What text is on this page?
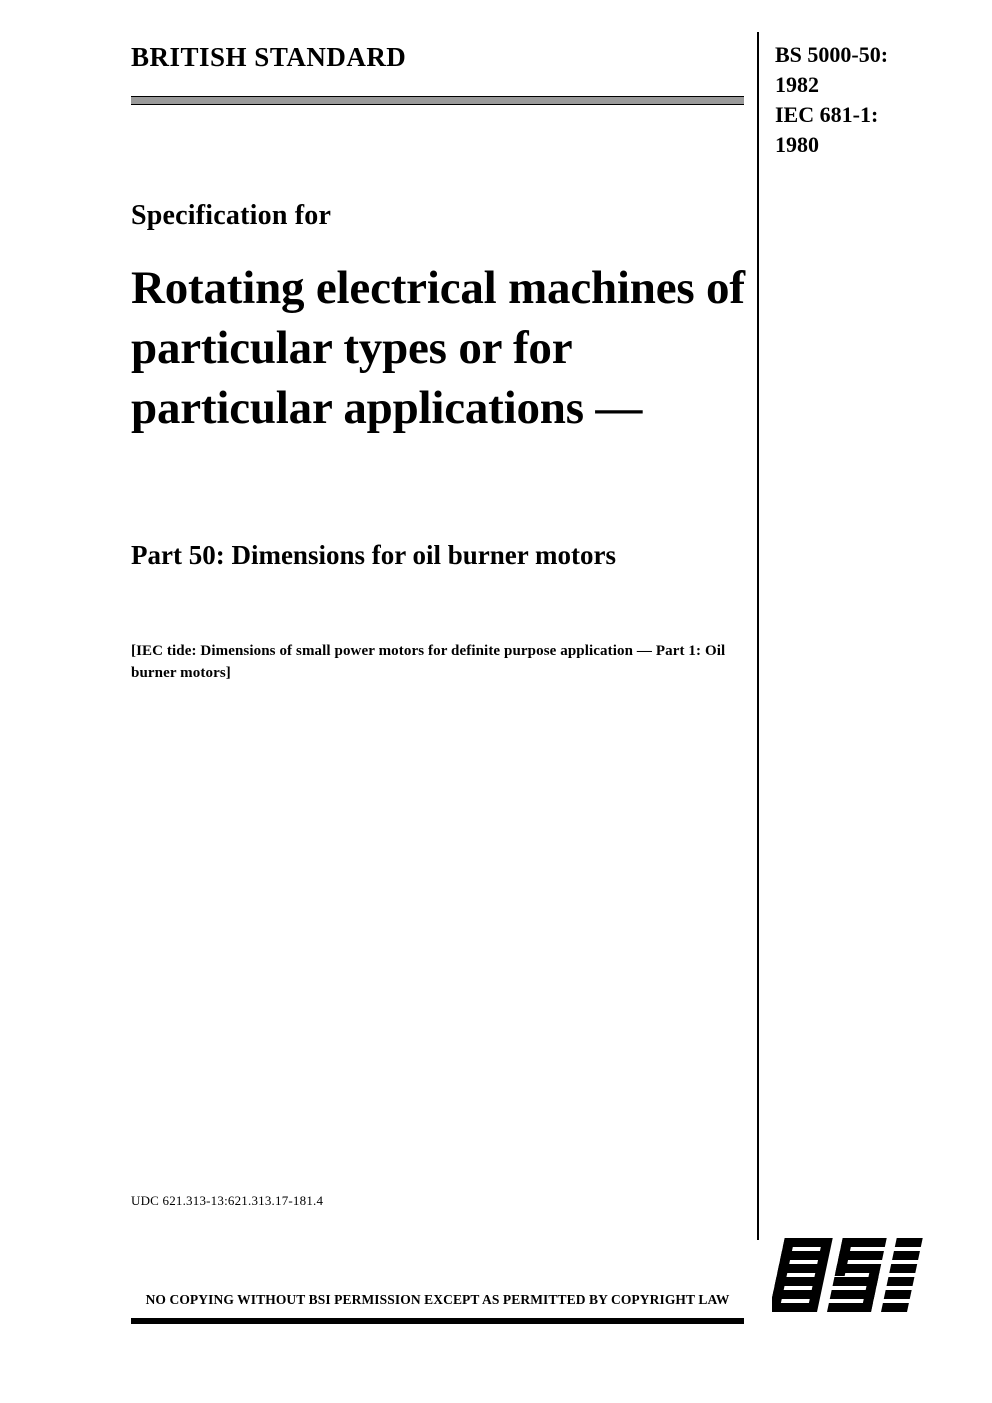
BRITISH STANDARD	BS 5000-50:
1982
IEC 681-1:
1980
Specification for
Rotating electrical machines of particular types or for particular applications —
Part 50: Dimensions for oil burner motors
[IEC tide: Dimensions of small power motors for definite purpose application — Part 1: Oil burner motors]
UDC 621.313-13:621.313.17-181.4
NO COPYING WITHOUT BSI PERMISSION EXCEPT AS PERMITTED BY COPYRIGHT LAW
